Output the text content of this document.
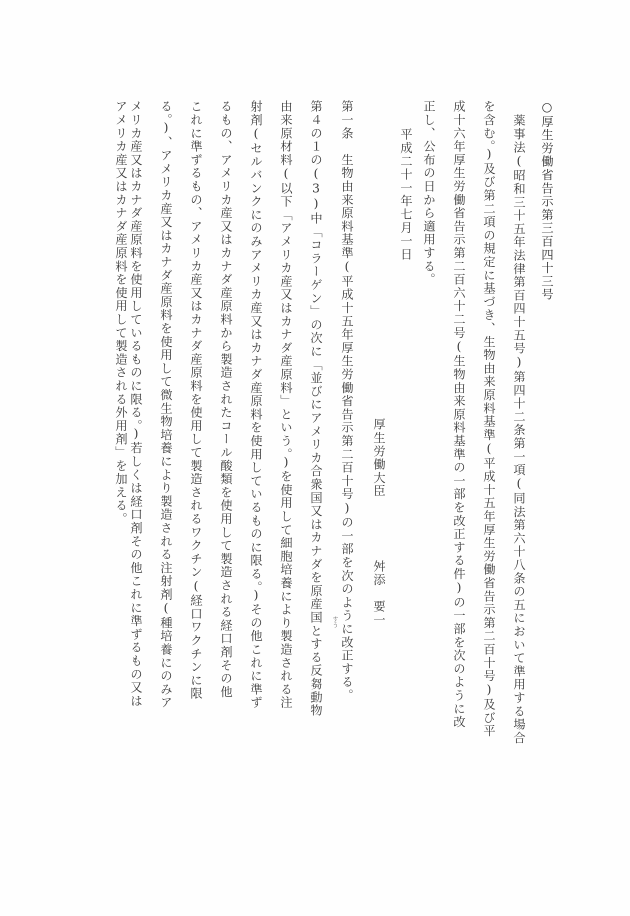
○厚生労働省告示第三百四十三号
薬事法(昭和三十五年法律第百四十五号)第四十二条第一項(同法第六十八条の五において準用する場合
を含む。)及び第二項の規定に基づき、生物由来原料基準(平成十五年厚生労働省告示第二百十号)及び平
成十六年厚生労働省告示第二百六十二号(生物由来原料基準の一部を改正する件)の一部を次のように改
正し、公布の日から適用する。
平成二十一年七月一日
厚生労働大臣
舛添　要一
第一条　生物由来原料基準(平成十五年厚生労働省告示第二百十号)の一部を次のように改正する。
第４の１の(3)中「コラーゲン」の次に「並びにアメリカ合衆国又はカナダを原産国とする反芻動物 すう
由来原材料(以下「アメリカ産又はカナダ産原料」という。)を使用して細胞培養により製造される注
射剤(セルバンクにのみアメリカ産又はカナダ産原料を使用しているものに限る。)その他これに準ず
るもの、アメリカ産又はカナダ産原料から製造されたコール酸類を使用して製造される経口剤その他
これに準ずるもの、アメリカ産又はカナダ産原料を使用して製造されるワクチン(経口ワクチンに限
る。)、アメリカ産又はカナダ産原料を使用して微生物培養により製造される注射剤(種培養にのみア
メリカ産又はカナダ産原料を使用しているものに限る。)若しくは経口剤その他これに準ずるもの又は
アメリカ産又はカナダ産原料を使用して製造される外用剤」を加える。
